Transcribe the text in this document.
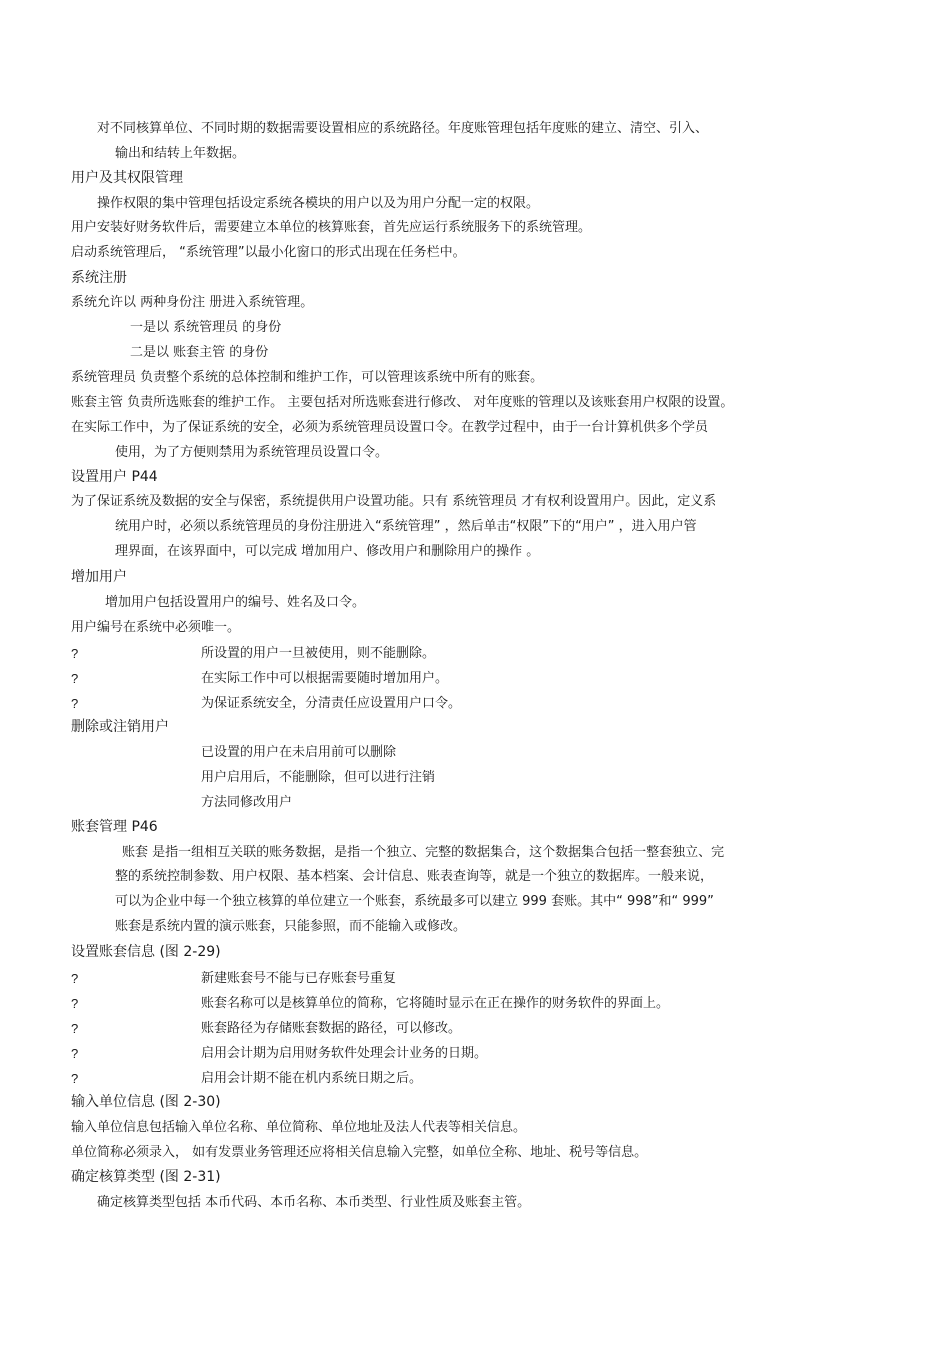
对不同核算单位、不同时期的数据需要设置相应的系统路径。年度账管理包括年度账的建立、清空、引入、
输出和结转上年数据。
用户及其权限管理
操作权限的集中管理包括设定系统各模块的用户以及为用户分配一定的权限。
用户安装好财务软件后，需要建立本单位的核算账套，首先应运行系统服务下的系统管理。
启动系统管理后， “系统管理”以最小化窗口的形式出现在任务栏中。
系统注册
系统允许以 两种身份注 册进入系统管理。
一是以 系统管理员 的身份
二是以 账套主管 的身份
系统管理员 负责整个系统的总体控制和维护工作，可以管理该系统中所有的账套。
账套主管 负责所选账套的维护工作。 主要包括对所选账套进行修改、 对年度账的管理以及该账套用户权限的设置。
在实际工作中，为了保证系统的安全，必须为系统管理员设置口令。在教学过程中，由于一台计算机供多个学员
使用，为了方便则禁用为系统管理员设置口令。
设置用户 P44
为了保证系统及数据的安全与保密，系统提供用户设置功能。只有 系统管理员 才有权利设置用户。因此，定义系
统用户时，必须以系统管理员的身份注册进入“系统管理” ，然后单击“权限”下的“用户” ，进入用户管
理界面，在该界面中，可以完成 增加用户、修改用户和删除用户的操作 。
增加用户
增加用户包括设置用户的编号、姓名及口令。
用户编号在系统中必须唯一。
?	所设置的用户一旦被使用，则不能删除。
?	在实际工作中可以根据需要随时增加用户。
?	为保证系统安全，分清责任应设置用户口令。
删除或注销用户
已设置的用户在未启用前可以删除
用户启用后，不能删除，但可以进行注销
方法同修改用户
账套管理 P46
账套 是指一组相互关联的账务数据，是指一个独立、完整的数据集合，这个数据集合包括一整套独立、完
整的系统控制参数、用户权限、基本档案、会计信息、账表查询等，就是一个独立的数据库。一般来说，
可以为企业中每一个独立核算的单位建立一个账套，系统最多可以建立 999 套账。其中“ 998”和“ 999”
账套是系统内置的演示账套，只能参照，而不能输入或修改。
设置账套信息 (图 2-29)
?	新建账套号不能与已存账套号重复
?	账套名称可以是核算单位的简称，它将随时显示在正在操作的财务软件的界面上。
?	账套路径为存储账套数据的路径，可以修改。
?	启用会计期为启用财务软件处理会计业务的日期。
?	启用会计期不能在机内系统日期之后。
输入单位信息 (图 2-30)
输入单位信息包括输入单位名称、单位简称、单位地址及法人代表等相关信息。
单位简称必须录入， 如有发票业务管理还应将相关信息输入完整，如单位全称、地址、税号等信息。
确定核算类型 (图 2-31)
确定核算类型包括 本币代码、本币名称、本币类型、行业性质及账套主管。
